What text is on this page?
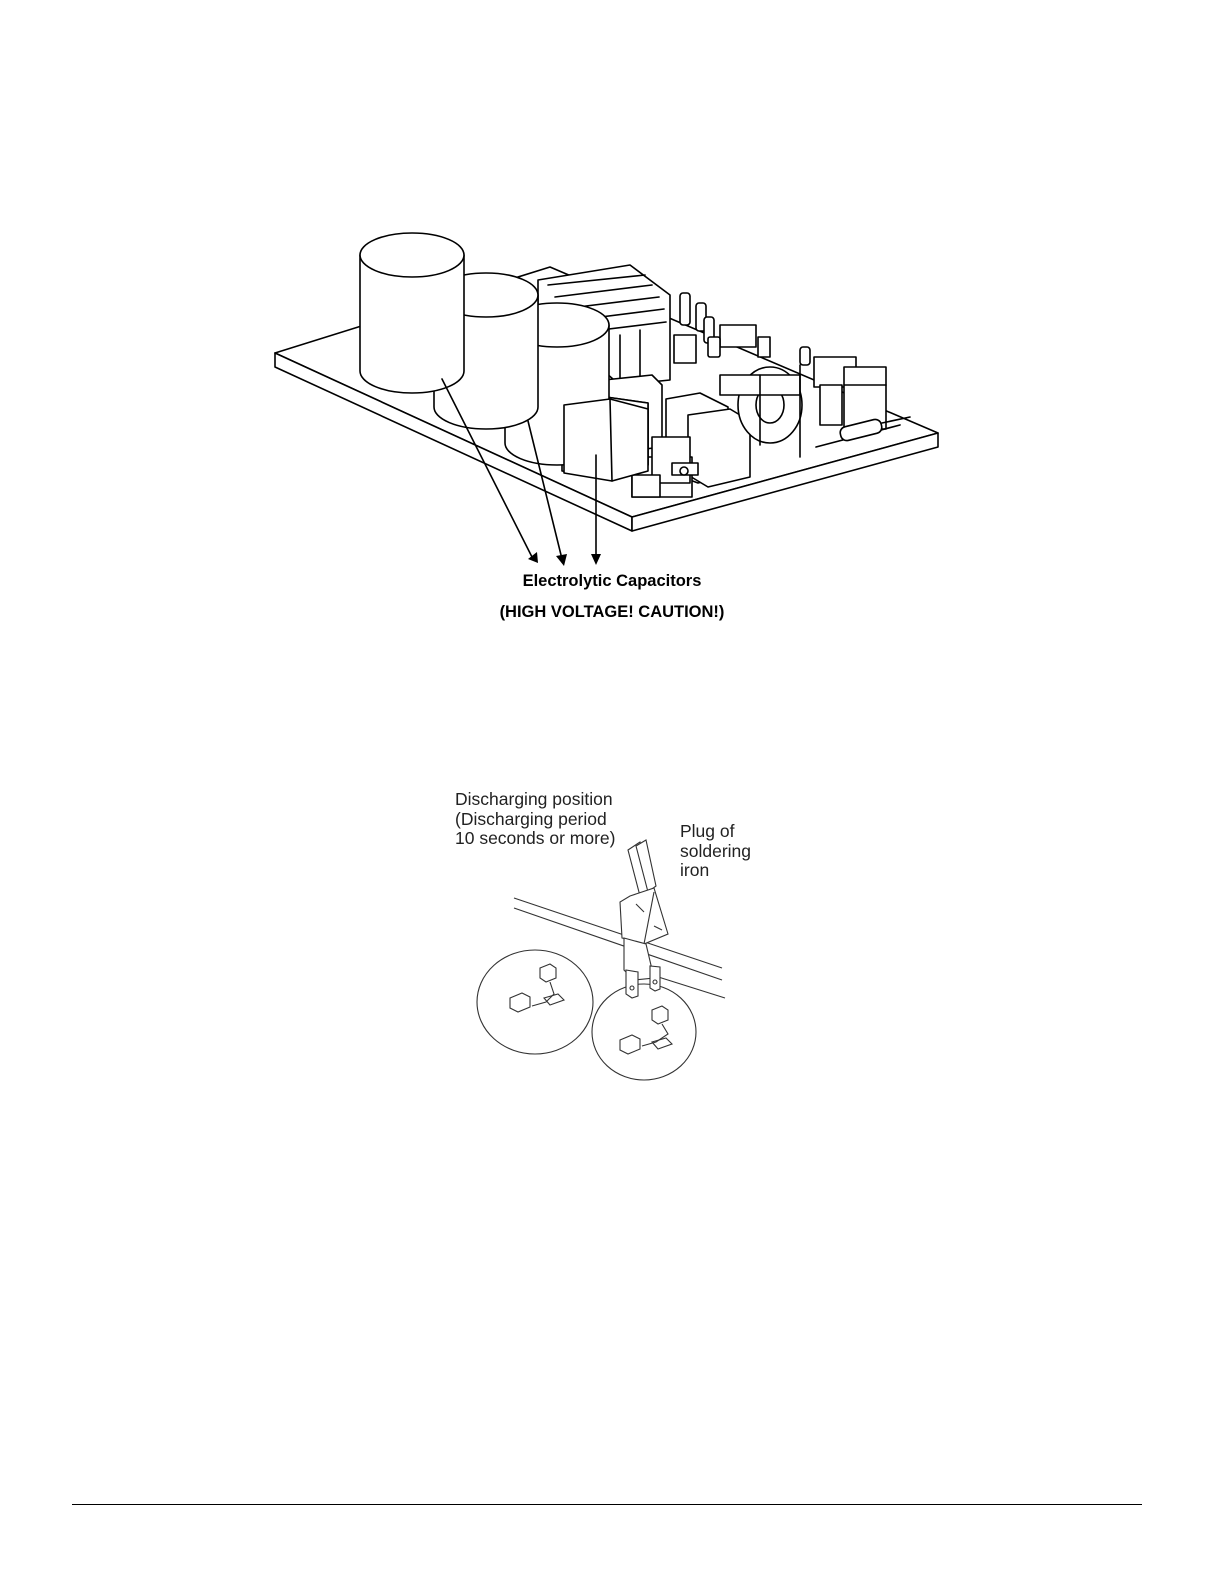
Electrolytic Capacitors
(HIGH VOLTAGE! CAUTION!)
Discharging position
(Discharging period
10 seconds or more)	Plug of
soldering
iron
